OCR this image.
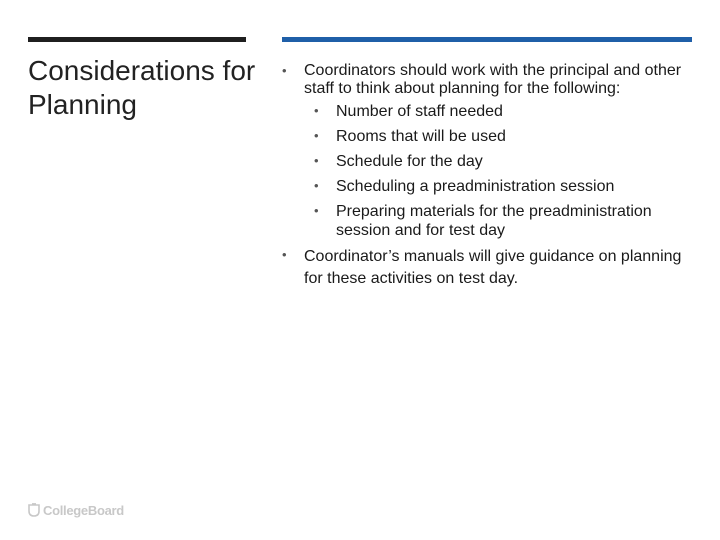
Considerations for Planning
•	Coordinators should work with the principal and other staff to think about planning for the following:
•	Number of staff needed
•	Rooms that will be used
•	Schedule for the day
•	Scheduling a preadministration session
•	Preparing materials for the preadministration session and for test day
•	Coordinator’s manuals will give guidance on planning for these activities on test day.
CollegeBoard
